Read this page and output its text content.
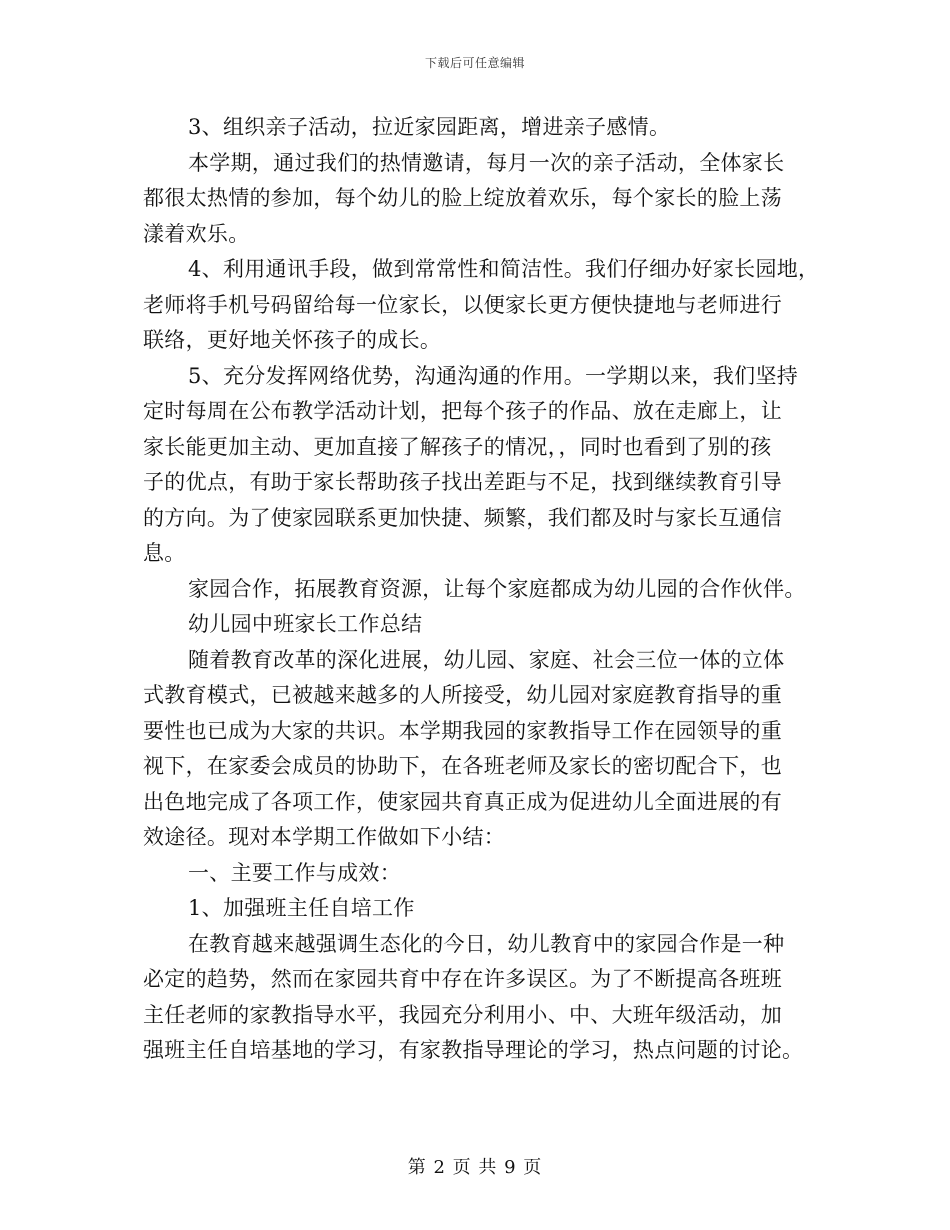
下载后可任意编辑
3、组织亲子活动，拉近家园距离，增进亲子感情。
本学期，通过我们的热情邀请，每月一次的亲子活动，全体家长
都很太热情的参加，每个幼儿的脸上绽放着欢乐，每个家长的脸上荡
漾着欢乐。
4、利用通讯手段，做到常常性和简洁性。我们仔细办好家长园地，
老师将手机号码留给每一位家长，以便家长更方便快捷地与老师进行
联络，更好地关怀孩子的成长。
5、充分发挥网络优势，沟通沟通的作用。一学期以来，我们坚持
定时每周在公布教学活动计划，把每个孩子的作品、放在走廊上，让
家长能更加主动、更加直接了解孩子的情况，，同时也看到了别的孩
子的优点，有助于家长帮助孩子找出差距与不足，找到继续教育引导
的方向。为了使家园联系更加快捷、频繁，我们都及时与家长互通信
息。
家园合作，拓展教育资源，让每个家庭都成为幼儿园的合作伙伴。
幼儿园中班家长工作总结
随着教育改革的深化进展，幼儿园、家庭、社会三位一体的立体
式教育模式，已被越来越多的人所接受，幼儿园对家庭教育指导的重
要性也已成为大家的共识。本学期我园的家教指导工作在园领导的重
视下，在家委会成员的协助下，在各班老师及家长的密切配合下，也
出色地完成了各项工作，使家园共育真正成为促进幼儿全面进展的有
效途径。现对本学期工作做如下小结：
一、主要工作与成效：
1、加强班主任自培工作
在教育越来越强调生态化的今日，幼儿教育中的家园合作是一种
必定的趋势，然而在家园共育中存在许多误区。为了不断提高各班班
主任老师的家教指导水平，我园充分利用小、中、大班年级活动，加
强班主任自培基地的学习，有家教指导理论的学习，热点问题的讨论。
第 2 页 共 9 页
